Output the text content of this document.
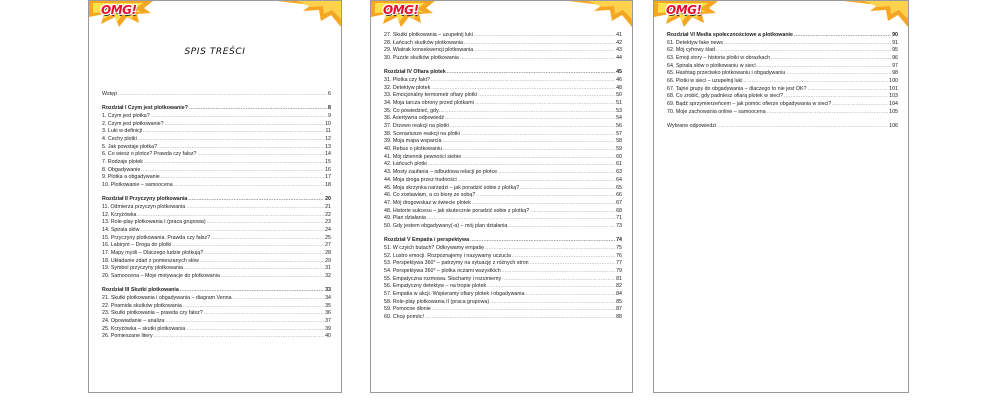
OMG!
SPIS TREŚCI
Wstęp .....	6
Rozdział I Czym jest plotkowanie? .....	8
1. Czym jest plotka? .....	9
2. Czym jest plotkowanie? .....	10
3. Luki w definicji .....	11
4. Cechy plotki .....	12
5. Jak powstaje plotka? .....	13
6. Co wiesz o plotce? Prawda czy fałsz? .....	14
7. Rodzaje plotek .....	15
8. Obgadywanie .....	16
9. Plotka a obgadywanie .....	17
10. Plotkowanie – samoocena .....	18
Rozdział II Przyczyny plotkowania .....	20
11. Odmierza przyczyn plotkowania .....	21
12. Krzyżówka .....	22
13. Role-play plotkowania I (praca grupowa) .....	23
14. Spirala słów .....	24
15. Przyczyny plotkowania. Prawda czy fałsz? .....	25
16. Labirynt – Droga do plotki .....	27
17. Mapy myśli – Dlaczego ludzie plotkują? .....	28
18. Układanie zdań z pomieszanych słów .....	29
19. Symbol przyczyny plotkowania .....	31
20. Samoocena – Moje motywacje do plotkowania .....	32
Rozdział III Skutki plotkowania .....	33
21. Skutki plotkowania i obgadywania – diagram Venna .....	34
22. Piramida skutków plotkowania .....	35
23. Skutki plotkowania – prawda czy fałsz? .....	36
24. Opowiadanie – analiza .....	37
25. Krzyżówka – skutki plotkowania .....	39
26. Pomieszane litery .....	40
OMG!
27. Skutki plotkowania – uzupełnij luki .....	41
28. Łańcuch skutków plotkowania .....	42
29. Wiatrak konsekwencji plotkowania .....	43
30. Puzzle skutków plotkowania .....	44
Rozdział IV Ofiara plotek .....	45
31. Plotka czy fakt? .....	46
32. Detektyw plotek .....	48
33. Emocjonalny termometr ofiary plotki .....	50
34. Moja tarcza obrony przed plotkami .....	51
35. Co powiedzieć, gdy… .....	53
36. Asertywna odpowiedź .....	54
37. Drzewo reakcji na plotki .....	56
38. Scenariusze reakcji na plotki .....	57
39. Moja mapa wsparcia .....	58
40. Rebus o plotkowaniu .....	59
41. Mój dziennik pewności siebie .....	60
42. Łańcuch plotki .....	61
43. Mosty zaufania – odbudowa relacji po plotce .....	63
44. Moja droga przez trudności .....	64
45. Moja skrzynka narzędzi – jak poradzić sobie z plotką? .....	65
46. Co zostawiam, a co biorę ze sobą? .....	66
47. Mój drogowskaz w świecie plotek .....	67
48. Historie sukcesu – jak skutecznie poradzić sobie z plotką? .....	68
49. Plan działania .....	71
50. Gdy jestem obgadywany(-a) – mój plan działania .....	73
Rozdział V Empatia i perspektywa .....	74
51. W czyich butach? Odkrywamy empatię .....	75
52. Lustro emocji. Rozpoznajemy i nazywamy uczucia .....	76
53. Perspektywa 360° – patrzymy na sytuację z różnych stron .....	77
54. Perspektywa 360° – plotka oczami wszystkich .....	79
55. Empatyczna rozmowa. Słuchamy i rozumiemy .....	81
56. Empatyczny detektyw – na tropie plotek .....	82
57. Empatia w akcji. Wspieramy ofiary plotek i obgadywania .....	84
58. Role-play plotkowania II (praca grupowa) .....	85
59. Pomocne dłonie .....	87
60. Chcę pomóc! .....	88
OMG!
Rozdział VI Media społecznościowe a plotkowanie .....	90
61. Detektyw fake news .....	91
62. Mój cyfrowy ślad .....	95
63. Emoji story – historia plotki w obrazkach .....	96
64. Spirala słów o plotkowaniu w sieci .....	97
65. Hashtag przeciwko plotkowaniu i obgadywaniu .....	98
66. Plotki w sieci – uzupełnij luki .....	100
67. Tajne grupy do obgadywania – dlaczego to nie jest OK? .....	101
68. Co zrobić, gdy padniesz ofiarą plotek w sieci? .....	103
69. Bądź sprzymierzeńcem – jak pomóc ofierze obgadywania w sieci? .....	104
70. Moje zachowania online – samoocena .....	105
Wybrane odpowiedzi .....	106
